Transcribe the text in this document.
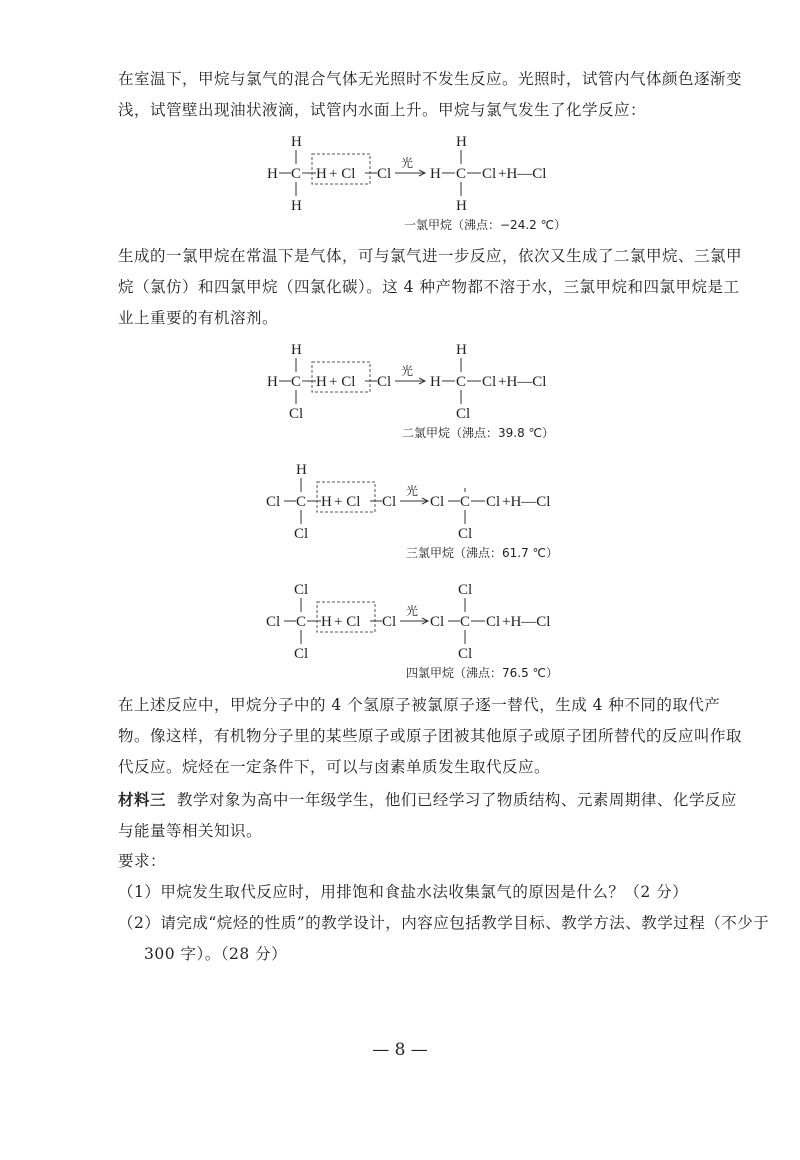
在室温下，甲烷与氯气的混合气体无光照时不发生反应。光照时，试管内气体颜色逐渐变浅，试管壁出现油状液滴，试管内水面上升。甲烷与氯气发生了化学反应：
H
H C H + Cl Cl
光
H
H
C Cl +H—Cl
H
H
一氯甲烷（沸点：−24.2 ℃）
生成的一氯甲烷在常温下是气体，可与氯气进一步反应，依次又生成了二氯甲烷、三氯甲烷（氯仿）和四氯甲烷（四氯化碳）。这 4 种产物都不溶于水，三氯甲烷和四氯甲烷是工业上重要的有机溶剂。
H
H C H + Cl Cl
光
H
H
C Cl +H—Cl
Cl
Cl
二氯甲烷（沸点：39.8 ℃）
H
Cl C H + Cl Cl
光
Cl C Cl +H—Cl
Cl
Cl
三氯甲烷（沸点：61.7 ℃）
Cl
Cl C H + Cl Cl
光
Cl
Cl
C Cl +H—Cl
Cl
Cl
四氯甲烷（沸点：76.5 ℃）
在上述反应中，甲烷分子中的 4 个氢原子被氯原子逐一替代，生成 4 种不同的取代产物。像这样，有机物分子里的某些原子或原子团被其他原子或原子团所替代的反应叫作取代反应。烷烃在一定条件下，可以与卤素单质发生取代反应。
材料三 教学对象为高中一年级学生，他们已经学习了物质结构、元素周期律、化学反应与能量等相关知识。
要求：
（1）甲烷发生取代反应时，用排饱和食盐水法收集氯气的原因是什么？（2 分）
（2）请完成“烷烃的性质”的教学设计，内容应包括教学目标、教学方法、教学过程（不少于
300 字）。（28 分）
— 8 —
